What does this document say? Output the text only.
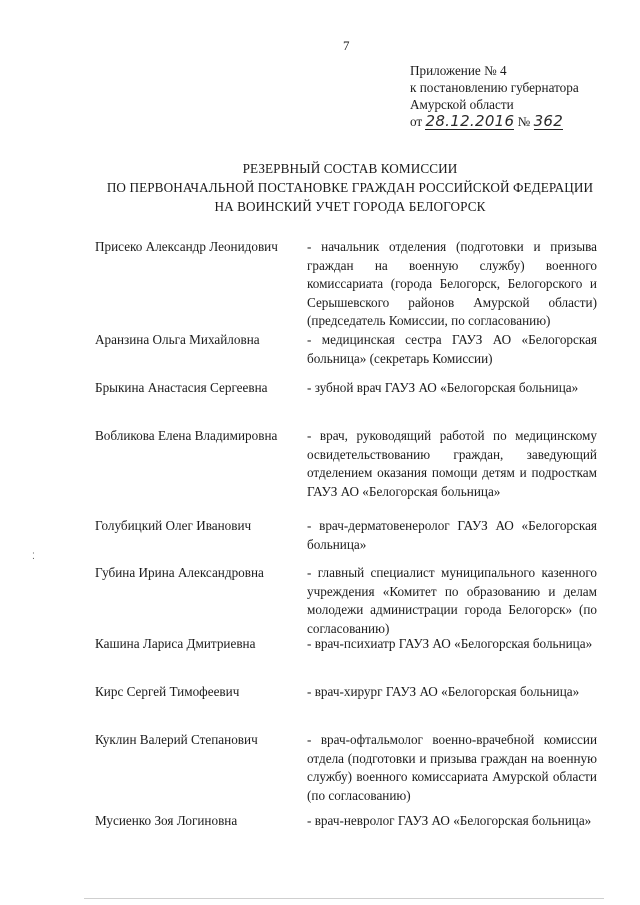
7
Приложение № 4
к постановлению губернатора
Амурской области
от 28.12.2016 № 362
РЕЗЕРВНЫЙ СОСТАВ КОМИССИИ
ПО ПЕРВОНАЧАЛЬНОЙ ПОСТАНОВКЕ ГРАЖДАН РОССИЙСКОЙ ФЕДЕРАЦИИ
НА ВОИНСКИЙ УЧЕТ ГОРОДА БЕЛОГОРСК
Присеко Александр Леонидович	- начальник отделения (подготовки и призыва граждан на военную службу) военного комиссариата (города Белогорск, Белогорского и Серышевского районов Амурской области) (председатель Комиссии, по согласованию)
Аранзина Ольга Михайловна	- медицинская сестра ГАУЗ АО «Белогорская больница» (секретарь Комиссии)
Брыкина Анастасия Сергеевна	- зубной врач ГАУЗ АО «Белогорская больница»
Вобликова Елена Владимировна	- врач, руководящий работой по медицинскому освидетельствованию граждан, заведующий отделением оказания помощи детям и подросткам ГАУЗ АО «Белогорская больница»
Голубицкий Олег Иванович	- врач-дерматовенеролог ГАУЗ АО «Белогорская больница»
Губина Ирина Александровна	- главный специалист муниципального казенного учреждения «Комитет по образованию и делам молодежи администрации города Белогорск» (по согласованию)
Кашина Лариса Дмитриевна	- врач-психиатр ГАУЗ АО «Белогорская больница»
Кирс Сергей Тимофеевич	- врач-хирург ГАУЗ АО «Белогорская больница»
Куклин Валерий Степанович	- врач-офтальмолог военно-врачебной комиссии отдела (подготовки и призыва граждан на военную службу) военного комиссариата Амурской области (по согласованию)
Мусиенко Зоя Логиновна	- врач-невролог ГАУЗ АО «Белогорская больница»
⁚
